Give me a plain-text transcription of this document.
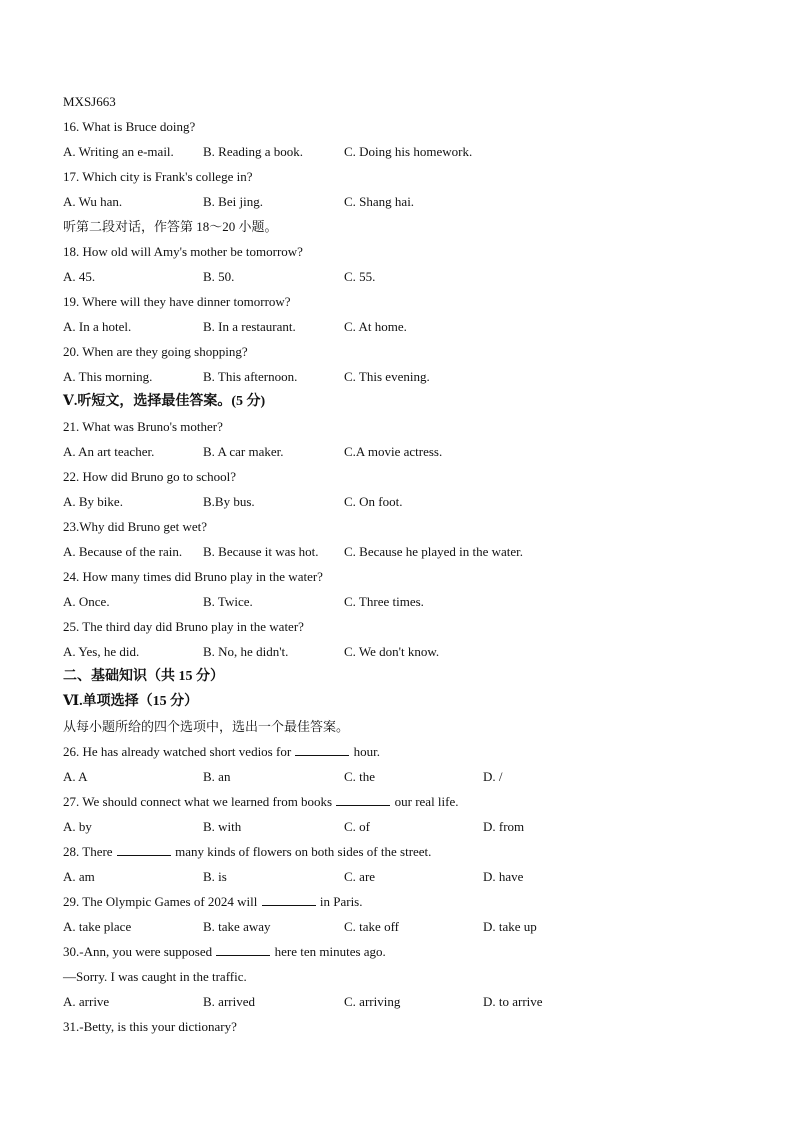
MXSJ663
16. What is Bruce doing?
A. Writing an e-mail.	B. Reading a book.	C. Doing his homework.
17. Which city is Frank's college in?
A. Wu han.	B. Bei jing.	C. Shang hai.
听第二段对话，作答第 18～20 小题。
18. How old will Amy's mother be tomorrow?
A. 45.	B. 50.	C. 55.
19. Where will they have dinner tomorrow?
A. In a hotel.	B. In a restaurant.	C. At home.
20. When are they going shopping?
A. This morning.	B. This afternoon.	C. This evening.
Ⅴ.听短文，选择最佳答案。(5 分)
21. What was Bruno's mother?
A. An art teacher.	B. A car maker.	C.A movie actress.
22. How did Bruno go to school?
A. By bike.	B.By bus.	C. On foot.
23.Why did Bruno get wet?
A. Because of the rain.	B. Because it was hot.	C. Because he played in the water.
24. How many times did Bruno play in the water?
A. Once.	B. Twice.	C. Three times.
25. The third day did Bruno play in the water?
A. Yes, he did.	B. No, he didn't.	C. We don't know.
二、基础知识（共 15 分）
Ⅵ.单项选择（15 分）
从每小题所给的四个选项中，选出一个最佳答案。
26. He has already watched short vedios for	hour.
A. A	B. an	C. the	D. /
27. We should connect what we learned from books	our real life.
A. by	B. with	C. of	D. from
28. There	many kinds of flowers on both sides of the street.
A. am	B. is	C. are	D. have
29. The Olympic Games of 2024 will	in Paris.
A. take place	B. take away	C. take off	D. take up
30.-Ann, you were supposed	here ten minutes ago.
—Sorry. I was caught in the traffic.
A. arrive	B. arrived	C. arriving	D. to arrive
31.-Betty, is this your dictionary?
